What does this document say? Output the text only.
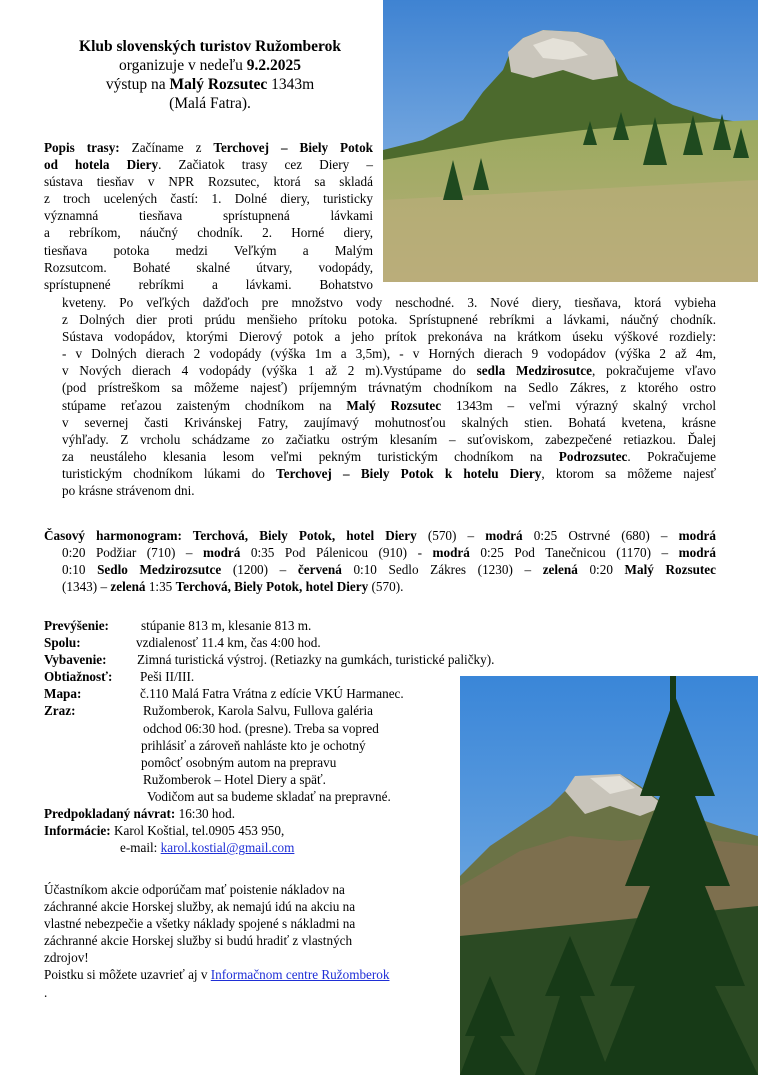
Klub slovenských turistov Ružomberok
organizuje v nedeľu 9.2.2025
výstup na Malý Rozsutec 1343m
(Malá Fatra).
Popis trasy: Začíname z Terchovej – Biely Potok
od hotela Diery. Začiatok trasy cez Diery –
sústava tiesňav v NPR Rozsutec, ktorá sa skladá
z troch ucelených častí: 1. Dolné diery, turisticky
významná tiesňava sprístupnená lávkami
a rebríkom, náučný chodník. 2. Horné diery,
tiesňava potoka medzi Veľkým a Malým
Rozsutcom. Bohaté skalné útvary, vodopády,
sprístupnené rebríkmi a lávkami. Bohatstvo
kveteny. Po veľkých dažďoch pre množstvo vody neschodné. 3. Nové diery, tiesňava, ktorá vybieha
z Dolných dier proti prúdu menšieho prítoku potoka. Sprístupnené rebríkmi a lávkami, náučný chodník.
Sústava vodopádov, ktorými Dierový potok a jeho prítok prekonáva na krátkom úseku výškové rozdiely:
- v Dolných dierach 2 vodopády (výška 1m a 3,5m), - v Horných dierach 9 vodopádov (výška 2 až 4m,
v Nových dierach 4 vodopády (výška 1 až 2 m).Vystúpame do sedla Medzirosutce, pokračujeme vľavo
(pod prístreškom sa môžeme najesť) príjemným trávnatým chodníkom na Sedlo Zákres, z ktorého ostro
stúpame reťazou zaisteným chodníkom na Malý Rozsutec 1343m – veľmi výrazný skalný vrchol
v severnej časti Krivánskej Fatry, zaujímavý mohutnosťou skalných stien. Bohatá kvetena, krásne
výhľady. Z vrcholu schádzame zo začiatku ostrým klesaním – suťoviskom, zabezpečené retiazkou. Ďalej
za neustáleho klesania lesom veľmi pekným turistickým chodníkom na Podrozsutec. Pokračujeme
turistickým chodníkom lúkami do Terchovej – Biely Potok k hotelu Diery, ktorom sa môžeme najesť
po krásne strávenom dni.
Časový harmonogram: Terchová, Biely Potok, hotel Diery (570) – modrá 0:25 Ostrvné (680) – modrá
0:20 Podžiar (710) – modrá 0:35 Pod Pálenicou (910) - modrá 0:25 Pod Tanečnicou (1170) – modrá
0:10 Sedlo Medzirozsutce (1200) – červená 0:10 Sedlo Zákres (1230) – zelená 0:20 Malý Rozsutec
(1343) – zelená 1:35 Terchová, Biely Potok, hotel Diery (570).
Prevýšenie: stúpanie 813 m, klesanie 813 m.
Spolu:	vzdialenosť 11.4 km, čas 4:00 hod.
Vybavenie: Zimná turistická výstroj. (Retiazky na gumkách, turistické paličky).
Obtiažnosť: Peši II/III.
Mapa:	č.110 Malá Fatra Vrátna z edície VKÚ Harmanec.
Zraz:	Ružomberok, Karola Salvu, Fullova galéria
odchod 06:30 hod. (presne). Treba sa vopred
prihlásiť a zároveň nahláste kto je ochotný
pomôcť osobným autom na prepravu
Ružomberok – Hotel Diery a späť.
Vodičom aut sa budeme skladať na prepravné.
Predpokladaný návrat: 16:30 hod.
Informácie: Karol Koštial, tel.0905 453 950,
e-mail: karol.kostial@gmail.com
Účastníkom akcie odporúčam mať poistenie nákladov na
záchranné akcie Horskej služby, ak nemajú idú na akciu na
vlastné nebezpečie a všetky náklady spojené s nákladmi na
záchranné akcie Horskej služby si budú hradiť z vlastných
zdrojov!
Poistku si môžete uzavrieť aj v Informačnom centre Ružomberok
.
